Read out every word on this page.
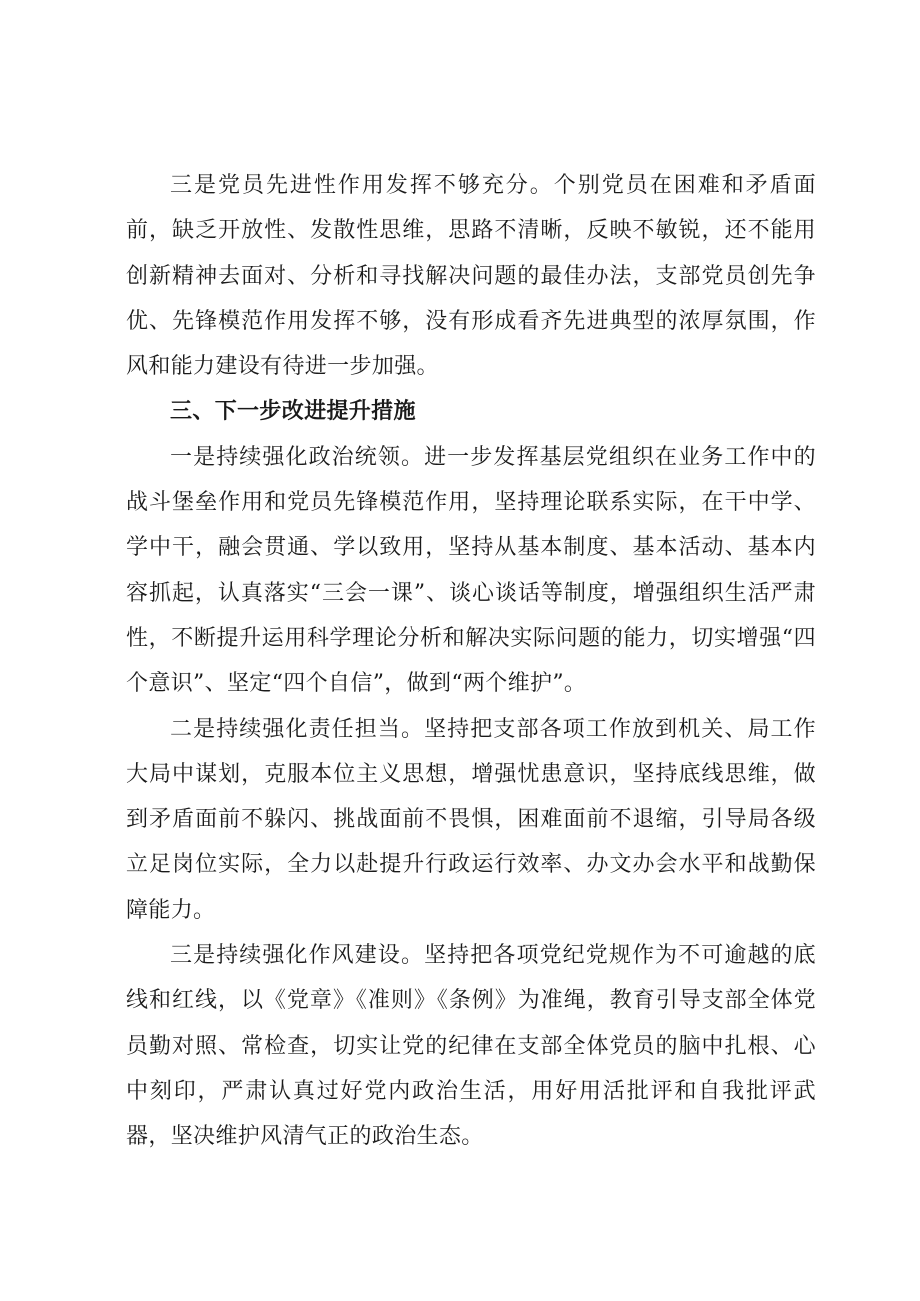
三是党员先进性作用发挥不够充分。个别党员在困难和矛盾面前，缺乏开放性、发散性思维，思路不清晰，反映不敏锐，还不能用创新精神去面对、分析和寻找解决问题的最佳办法，支部党员创先争优、先锋模范作用发挥不够，没有形成看齐先进典型的浓厚氛围，作风和能力建设有待进一步加强。

三、下一步改进提升措施

一是持续强化政治统领。进一步发挥基层党组织在业务工作中的战斗堡垒作用和党员先锋模范作用，坚持理论联系实际，在干中学、学中干，融会贯通、学以致用，坚持从基本制度、基本活动、基本内容抓起，认真落实“三会一课”、谈心谈话等制度，增强组织生活严肃性，不断提升运用科学理论分析和解决实际问题的能力，切实增强“四个意识”、坚定“四个自信”，做到“两个维护”。

二是持续强化责任担当。坚持把支部各项工作放到机关、局工作大局中谋划，克服本位主义思想，增强忧患意识，坚持底线思维，做到矛盾面前不躲闪、挑战面前不畏惧，困难面前不退缩，引导局各级立足岗位实际，全力以赴提升行政运行效率、办文办会水平和战勤保障能力。

三是持续强化作风建设。坚持把各项党纪党规作为不可逾越的底线和红线，以《党章》《准则》《条例》为准绳，教育引导支部全体党员勤对照、常检查，切实让党的纪律在支部全体党员的脑中扎根、心中刻印，严肃认真过好党内政治生活，用好用活批评和自我批评武器，坚决维护风清气正的政治生态。
